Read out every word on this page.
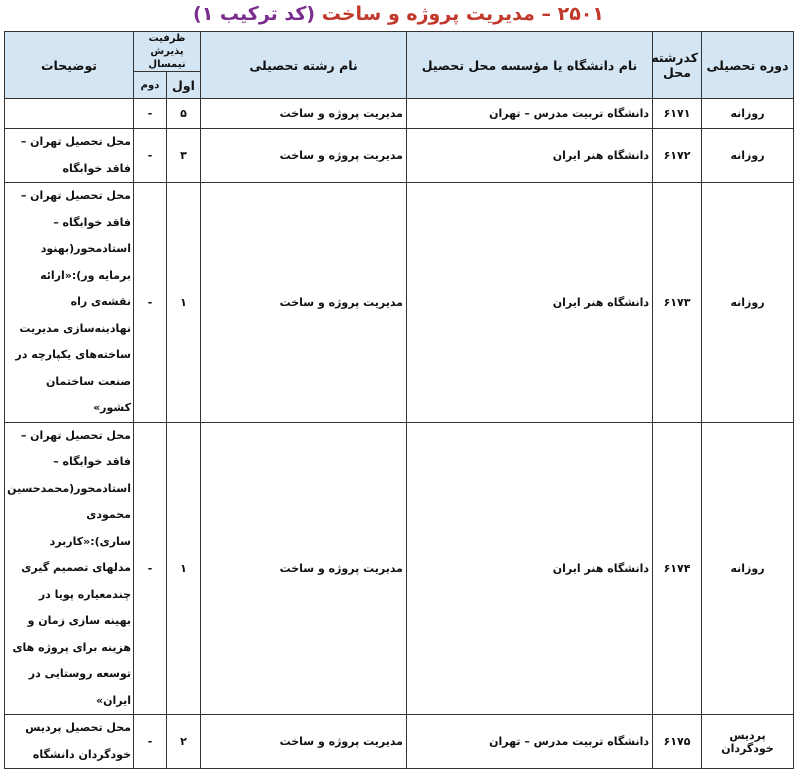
۲۵۰۱ – مدیریت پروژه و ساخت (کد ترکیب ۱)
دوره تحصیلی	کدرشته محل	نام دانشگاه یا مؤسسه محل تحصیل	نام رشته تحصیلی	ظرفیت پذیرش نیمسال		توضیحات
				اول	دوم	
روزانه	۶۱۷۱	دانشگاه تربیت مدرس – تهران	مدیریت پروژه و ساخت	۵	-	
روزانه	۶۱۷۲	دانشگاه هنر ایران	مدیریت پروژه و ساخت	۳	-	محل تحصیل تهران – فاقد خوابگاه
روزانه	۶۱۷۳	دانشگاه هنر ایران	مدیریت پروژه و ساخت	۱	-	محل تحصیل تهران – فاقد خوابگاه – استادمحور(بهنود برمایه ور):«ارائه نقشه‌ی راه نهادینه‌سازی مدیریت ساخته‌های یکپارچه در صنعت ساختمان کشور»
روزانه	۶۱۷۴	دانشگاه هنر ایران	مدیریت پروژه و ساخت	۱	-	محل تحصیل تهران – فاقد خوابگاه – استادمحور(محمدحسین محمودی ساری):«کاربرد مدلهای تصمیم گیری چندمعیاره پویا در بهینه سازی زمان و هزینه برای پروژه های توسعه روستایی در ایران»
پردیس خودگردان	۶۱۷۵	دانشگاه تربیت مدرس – تهران	مدیریت پروژه و ساخت	۲	-	محل تحصیل پردیس خودگردان دانشگاه
